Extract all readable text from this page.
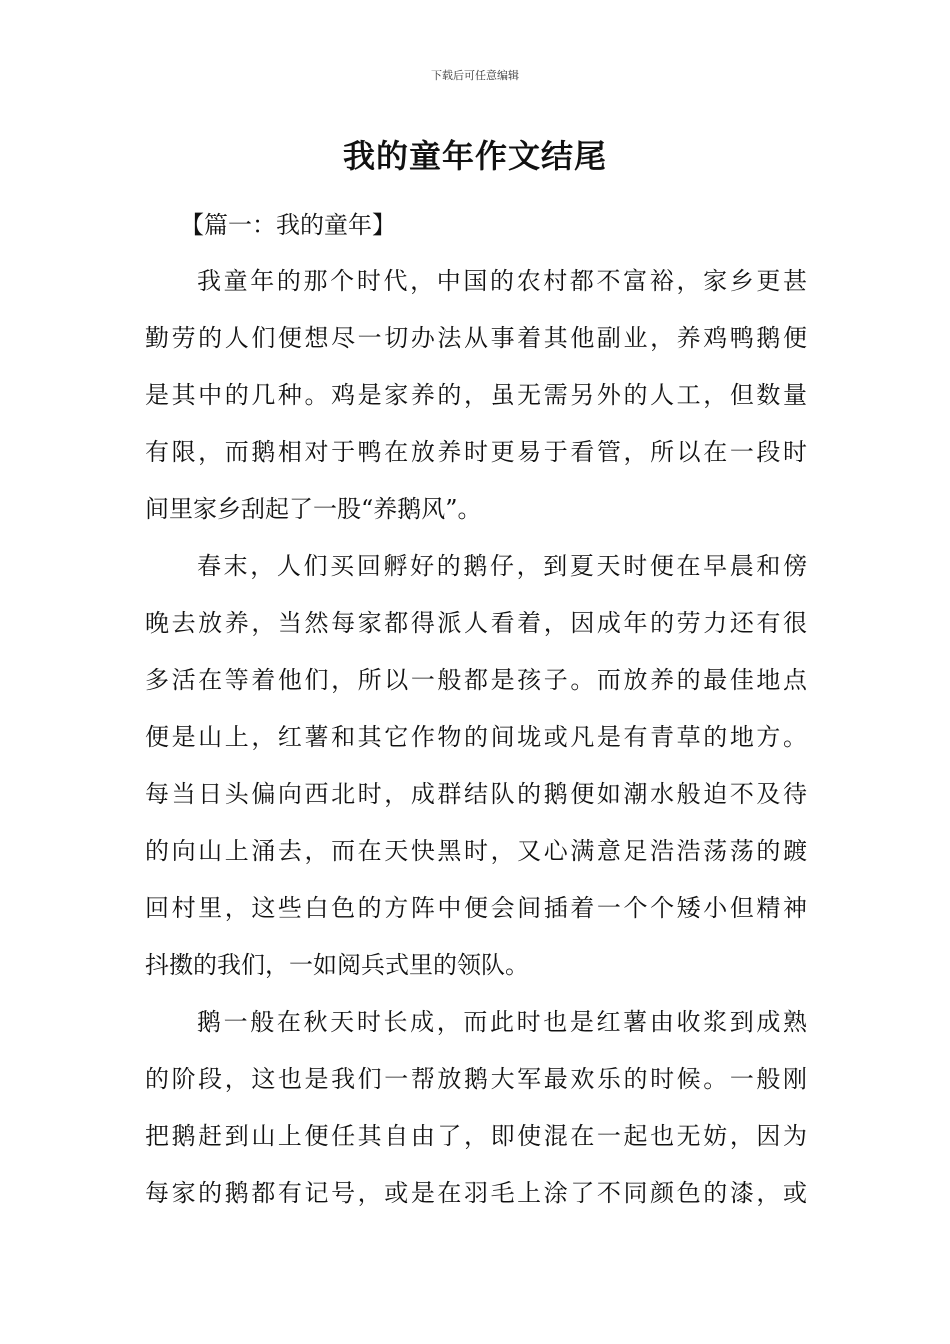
下载后可任意编辑
我的童年作文结尾
【篇一：我的童年】
我童年的那个时代，中国的农村都不富裕，家乡更甚
勤劳的人们便想尽一切办法从事着其他副业，养鸡鸭鹅便
是其中的几种。鸡是家养的，虽无需另外的人工，但数量
有限，而鹅相对于鸭在放养时更易于看管，所以在一段时
间里家乡刮起了一股“养鹅风”。
春末，人们买回孵好的鹅仔，到夏天时便在早晨和傍
晚去放养，当然每家都得派人看着，因成年的劳力还有很
多活在等着他们，所以一般都是孩子。而放养的最佳地点
便是山上，红薯和其它作物的间垅或凡是有青草的地方。
每当日头偏向西北时，成群结队的鹅便如潮水般迫不及待
的向山上涌去，而在天快黑时，又心满意足浩浩荡荡的踱
回村里，这些白色的方阵中便会间插着一个个矮小但精神
抖擞的我们，一如阅兵式里的领队。
鹅一般在秋天时长成，而此时也是红薯由收浆到成熟
的阶段，这也是我们一帮放鹅大军最欢乐的时候。一般刚
把鹅赶到山上便任其自由了，即使混在一起也无妨，因为
每家的鹅都有记号，或是在羽毛上涂了不同颜色的漆，或
